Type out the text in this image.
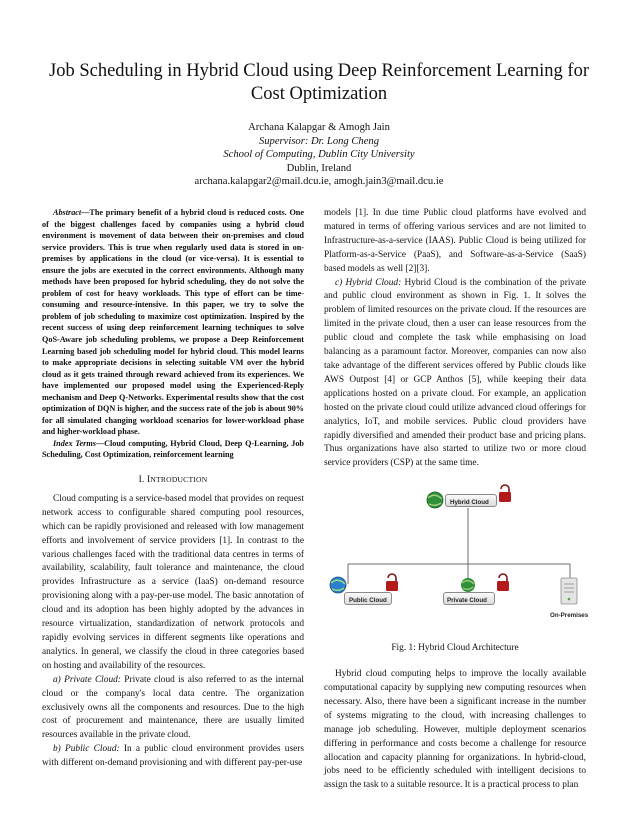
Job Scheduling in Hybrid Cloud using Deep Reinforcement Learning for Cost Optimization
Archana Kalapgar & Amogh Jain
Supervisor: Dr. Long Cheng
School of Computing, Dublin City University
Dublin, Ireland
archana.kalapgar2@mail.dcu.ie, amogh.jain3@mail.dcu.ie

Abstract—The primary benefit of a hybrid cloud is reduced costs. One of the biggest challenges faced by companies using a hybrid cloud environment is movement of data between their on-premises and cloud service providers. This is true when regularly used data is stored in on-premises by applications in the cloud (or vice-versa). It is essential to ensure the jobs are executed in the correct environments. Although many methods have been proposed for hybrid scheduling, they do not solve the problem of cost for heavy workloads. This type of effort can be time-consuming and resource-intensive. In this paper, we try to solve the problem of job scheduling to maximize cost optimization. Inspired by the recent success of using deep reinforcement learning techniques to solve QoS-Aware job scheduling problems, we propose a Deep Reinforcement Learning based job scheduling model for hybrid cloud. This model learns to make appropriate decisions in selecting suitable VM over the hybrid cloud as it gets trained through reward achieved from its experiences. We have implemented our proposed model using the Experienced-Reply mechanism and Deep Q-Networks. Experimental results show that the cost optimization of DQN is higher, and the success rate of the job is about 90% for all simulated changing workload scenarios for lower-workload phase and higher-workload phase.

Index Terms—Cloud computing, Hybrid Cloud, Deep Q-Learning, Job Scheduling, Cost Optimization, reinforcement learning

I. INTRODUCTION

Cloud computing is a service-based model that provides on request network access to configurable shared computing pool resources, which can be rapidly provisioned and released with low management efforts and involvement of service providers [1]. In contrast to the various challenges faced with the traditional data centres in terms of availability, scalability, fault tolerance and maintenance, the cloud provides Infrastructure as a service (IaaS) on-demand resource provisioning along with a pay-per-use model. The basic annotation of cloud and its adoption has been highly adopted by the advances in resource virtualization, standardization of network protocols and rapidly evolving services in different segments like operations and analytics. In general, we classify the cloud in three categories based on hosting and availability of the resources.

a) Private Cloud: Private cloud is also referred to as the internal cloud or the company's local data centre. The organization exclusively owns all the components and resources. Due to the high cost of procurement and maintenance, there are usually limited resources available in the private cloud.

b) Public Cloud: In a public cloud environment provides users with different on-demand provisioning and with different pay-per-use

models [1]. In due time Public cloud platforms have evolved and matured in terms of offering various services and are not limited to Infrastructure-as-a-service (IAAS). Public Cloud is being utilized for Platform-as-a-Service (PaaS), and Software-as-a-Service (SaaS) based models as well [2][3].

c) Hybrid Cloud: Hybrid Cloud is the combination of the private and public cloud environment as shown in Fig. 1. It solves the problem of limited resources on the private cloud. If the resources are limited in the private cloud, then a user can lease resources from the public cloud and complete the task while emphasising on load balancing as a paramount factor. Moreover, companies can now also take advantage of the different services offered by Public clouds like AWS Outpost [4] or GCP Anthos [5], while keeping their data applications hosted on a private cloud. For example, an application hosted on the private cloud could utilize advanced cloud offerings for analytics, IoT, and mobile services. Public cloud providers have rapidly diversified and amended their product base and pricing plans. Thus organizations have also started to utilize two or more cloud service providers (CSP) at the same time.

Hybrid Cloud
Public Cloud	Private Cloud
On-Premises
Fig. 1: Hybrid Cloud Architecture

Hybrid cloud computing helps to improve the locally available computational capacity by supplying new computing resources when necessary. Also, there have been a significant increase in the number of systems migrating to the cloud, with increasing challenges to manage job scheduling. However, multiple deployment scenarios differing in performance and costs become a challenge for resource allocation and capacity planning for organizations. In hybrid-cloud, jobs need to be efficiently scheduled with intelligent decisions to assign the task to a suitable resource. It is a practical process to plan
